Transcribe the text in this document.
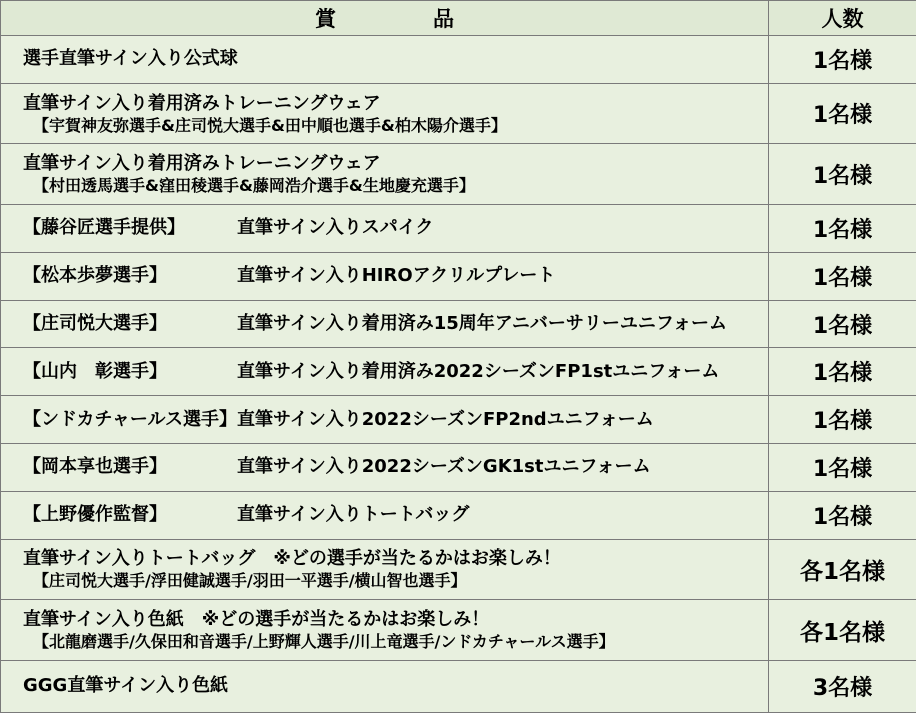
賞　品	人数

選手直筆サイン入り公式球	1名様

直筆サイン入り着用済みトレーニングウェア
【宇賀神友弥選手&庄司悦大選手&田中順也選手&柏木陽介選手】	1名様

直筆サイン入り着用済みトレーニングウェア
【村田透馬選手&窪田稜選手&藤岡浩介選手&生地慶充選手】	1名様
【藤谷匠選手提供】 直筆サイン入りスパイク	1名様
【松本歩夢選手】 直筆サイン入りHIROアクリルプレート	1名様
【庄司悦大選手】 直筆サイン入り着用済み15周年アニバーサリーユニフォーム	1名様
【山内　彰選手】 直筆サイン入り着用済み2022シーズンFP1stユニフォーム	1名様

【ンドカチャールス選手】直筆サイン入り2022シーズンFP2ndユニフォーム	1名様
【岡本享也選手】 直筆サイン入り2022シーズンGK1stユニフォーム	1名様
【上野優作監督】 直筆サイン入りトートバッグ	1名様

直筆サイン入りトートバッグ　※どの選手が当たるかはお楽しみ！
【庄司悦大選手/浮田健誠選手/羽田一平選手/横山智也選手】	各1名様

直筆サイン入り色紙　※どの選手が当たるかはお楽しみ！
【北龍磨選手/久保田和音選手/上野輝人選手/川上竜選手/ンドカチャールス選手】	各1名様

GGG直筆サイン入り色紙	3名様
